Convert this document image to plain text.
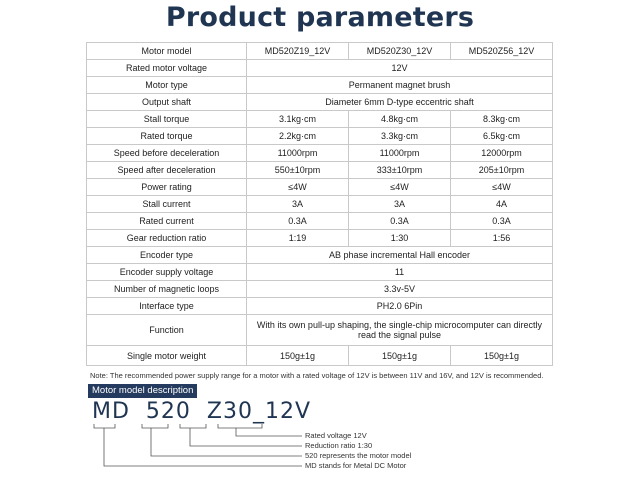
Product parameters
Motor model	MD520Z19_12V	MD520Z30_12V	MD520Z56_12V
Rated motor voltage	12V		
Motor type	Permanent magnet brush		
Output shaft	Diameter 6mm D-type eccentric shaft		
Stall torque	3.1kg·cm	4.8kg·cm	8.3kg·cm
Rated torque	2.2kg·cm	3.3kg·cm	6.5kg·cm
Speed before deceleration	11000rpm	11000rpm	12000rpm
Speed after deceleration	550±10rpm	333±10rpm	205±10rpm
Power rating	≤4W	≤4W	≤4W
Stall current	3A	3A	4A
Rated current	0.3A	0.3A	0.3A
Gear reduction ratio	1:19	1:30	1:56
Encoder type	AB phase incremental Hall encoder		
Encoder supply voltage	11		
Number of magnetic loops	3.3v-5V		
Interface type	PH2.0 6Pin		
Function	With its own pull-up shaping, the single-chip microcomputer can directly read the signal pulse		
Single motor weight	150g±1g	150g±1g	150g±1g
Note: The recommended power supply range for a motor with a rated voltage of 12V is between 11V and 16V, and 12V is recommended.
Motor model description
MD 520 Z30_12V
Rated voltage 12V
Reduction ratio 1:30
520 represents the motor model
MD stands for Metal DC Motor
